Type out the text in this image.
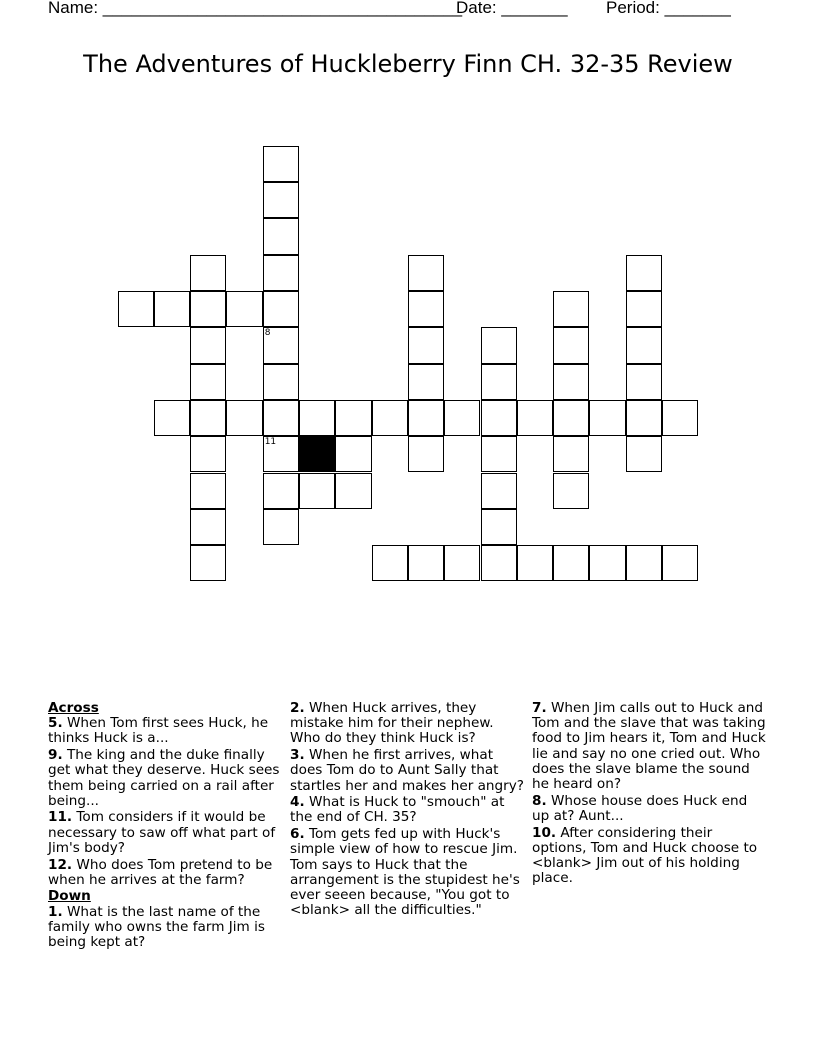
Name: ______________________________________

Date: _______

Period: _______

The Adventures of Huckleberry Finn CH. 32-35 Review
8
11
Across
5. When Tom first sees Huck, he thinks Huck is a...
9. The king and the duke finally get what they deserve. Huck sees them being carried on a rail after being...
11. Tom considers if it would be necessary to saw off what part of Jim's body?
12. Who does Tom pretend to be when he arrives at the farm?
Down
1. What is the last name of the family who owns the farm Jim is being kept at?
2. When Huck arrives, they mistake him for their nephew. Who do they think Huck is?
3. When he first arrives, what does Tom do to Aunt Sally that startles her and makes her angry?
4. What is Huck to "smouch" at the end of CH. 35?
6. Tom gets fed up with Huck's simple view of how to rescue Jim. Tom says to Huck that the arrangement is the stupidest he's ever seeen because, "You got to <blank> all the difficulties."
7. When Jim calls out to Huck and Tom and the slave that was taking food to Jim hears it, Tom and Huck lie and say no one cried out. Who does the slave blame the sound he heard on?
8. Whose house does Huck end up at? Aunt...
10. After considering their options, Tom and Huck choose to <blank> Jim out of his holding place.
